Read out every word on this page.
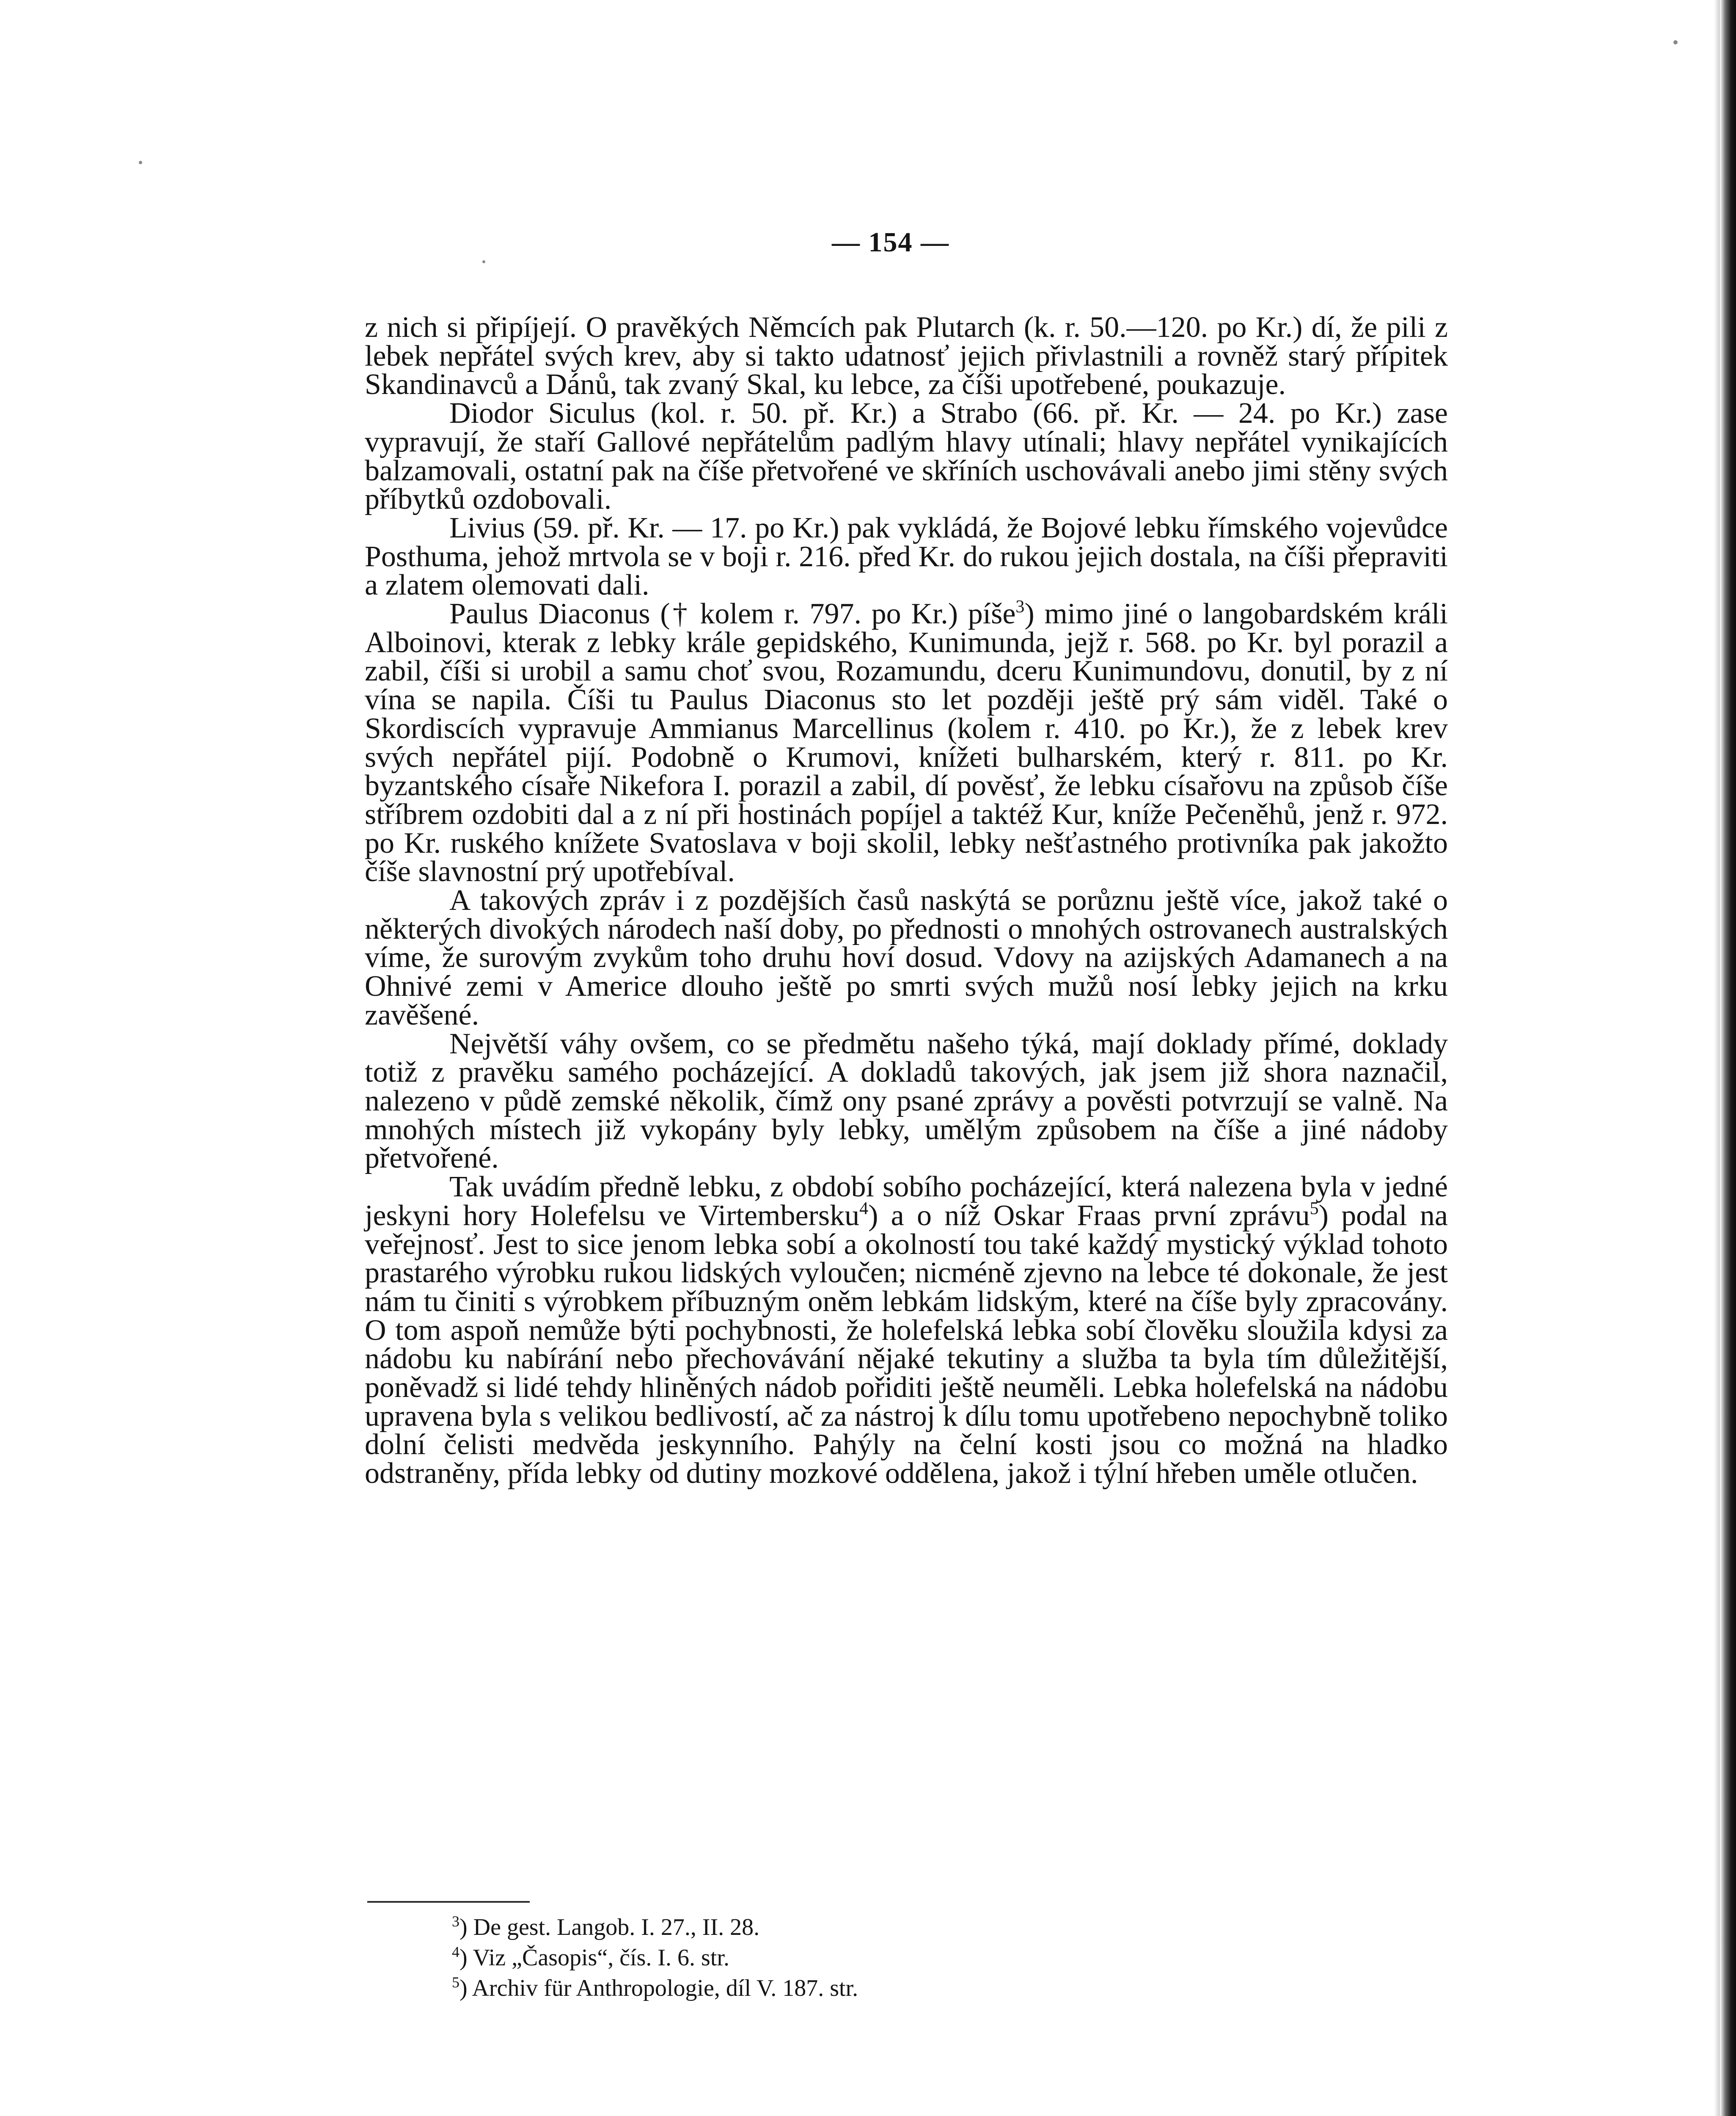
— 154 —

z nich si připíjejí. O pravěkých Němcích pak Plutarch (k. r. 50.—120. po Kr.) dí, že pili z lebek nepřátel svých krev, aby si takto udatnosť jejich přivlastnili a rovněž starý přípitek Skandinavců a Dánů, tak zvaný Skal, ku lebce, za číši upotřebené, poukazuje.

Diodor Siculus (kol. r. 50. př. Kr.) a Strabo (66. př. Kr. — 24. po Kr.) zase vypravují, že staří Gallové nepřátelům padlým hlavy utínali; hlavy nepřátel vynikajících balzamovali, ostatní pak na číše přetvořené ve skříních uschovávali anebo jimi stěny svých příbytků ozdobovali.

Livius (59. př. Kr. — 17. po Kr.) pak vykládá, že Bojové lebku římského vojevůdce Posthuma, jehož mrtvola se v boji r. 216. před Kr. do rukou jejich dostala, na číši přepraviti a zlatem olemovati dali.

Paulus Diaconus († kolem r. 797. po Kr.) píše$^3$) mimo jiné o langobardském králi Alboinovi, kterak z lebky krále gepidského, Kunimunda, jejž r. 568. po Kr. byl porazil a zabil, číši si urobil a samu choť svou, Rozamundu, dceru Kunimundovu, donutil, by z ní vína se napila. Číši tu Paulus Diaconus sto let později ještě prý sám viděl. Také o Skordiscích vypravuje Ammianus Marcellinus (kolem r. 410. po Kr.), že z lebek krev svých nepřátel pijí. Podobně o Krumovi, knížeti bulharském, který r. 811. po Kr. byzantského císaře Nikefora I. porazil a zabil, dí pověsť, že lebku císařovu na způsob číše stříbrem ozdobiti dal a z ní při hostinách popíjel a taktéž Kur, kníže Pečeněhů, jenž r. 972. po Kr. ruského knížete Svatoslava v boji skolil, lebky nešťastného protivníka pak jakožto číše slavnostní prý upotřebíval.

A takových zpráv i z pozdějších časů naskýtá se porůznu ještě více, jakož také o některých divokých národech naší doby, po přednosti o mnohých ostrovanech australských víme, že surovým zvykům toho druhu hoví dosud. Vdovy na azijských Adamanech a na Ohnivé zemi v Americe dlouho ještě po smrti svých mužů nosí lebky jejich na krku zavěšené.

Největší váhy ovšem, co se předmětu našeho týká, mají doklady přímé, doklady totiž z pravěku samého pocházející. A dokladů takových, jak jsem již shora naznačil, nalezeno v půdě zemské několik, čímž ony psané zprávy a pověsti potvrzují se valně. Na mnohých místech již vykopány byly lebky, umělým způsobem na číše a jiné nádoby přetvořené.

Tak uvádím předně lebku, z období sobího pocházející, která nalezena byla v jedné jeskyni hory Holefelsu ve Virtembersku$^4$) a o níž Oskar Fraas první zprávu$^5$) podal na veřejnosť. Jest to sice jenom lebka sobí a okolností tou také každý mystický výklad tohoto prastarého výrobku rukou lidských vyloučen; nicméně zjevno na lebce té dokonale, že jest nám tu činiti s výrobkem příbuzným oněm lebkám lidským, které na číše byly zpracovány. O tom aspoň nemůže býti pochybnosti, že holefelská lebka sobí člověku sloužila kdysi za nádobu ku nabírání nebo přechovávání nějaké tekutiny a služba ta byla tím důležitější, poněvadž si lidé tehdy hliněných nádob pořiditi ještě neuměli. Lebka holefelská na nádobu upravena byla s velikou bedlivostí, ač za nástroj k dílu tomu upotřebeno nepochybně toliko dolní čelisti medvěda jeskynního. Pahýly na čelní kosti jsou co možná na hladko odstraněny, přída lebky od dutiny mozkové oddělena, jakož i týlní hřeben uměle otlučen.

$^3$) De gest. Langob. I. 27., II. 28.

$^4$) Viz „Časopis“, čís. I. 6. str.

$^5$) Archiv für Anthropologie, díl V. 187. str.
